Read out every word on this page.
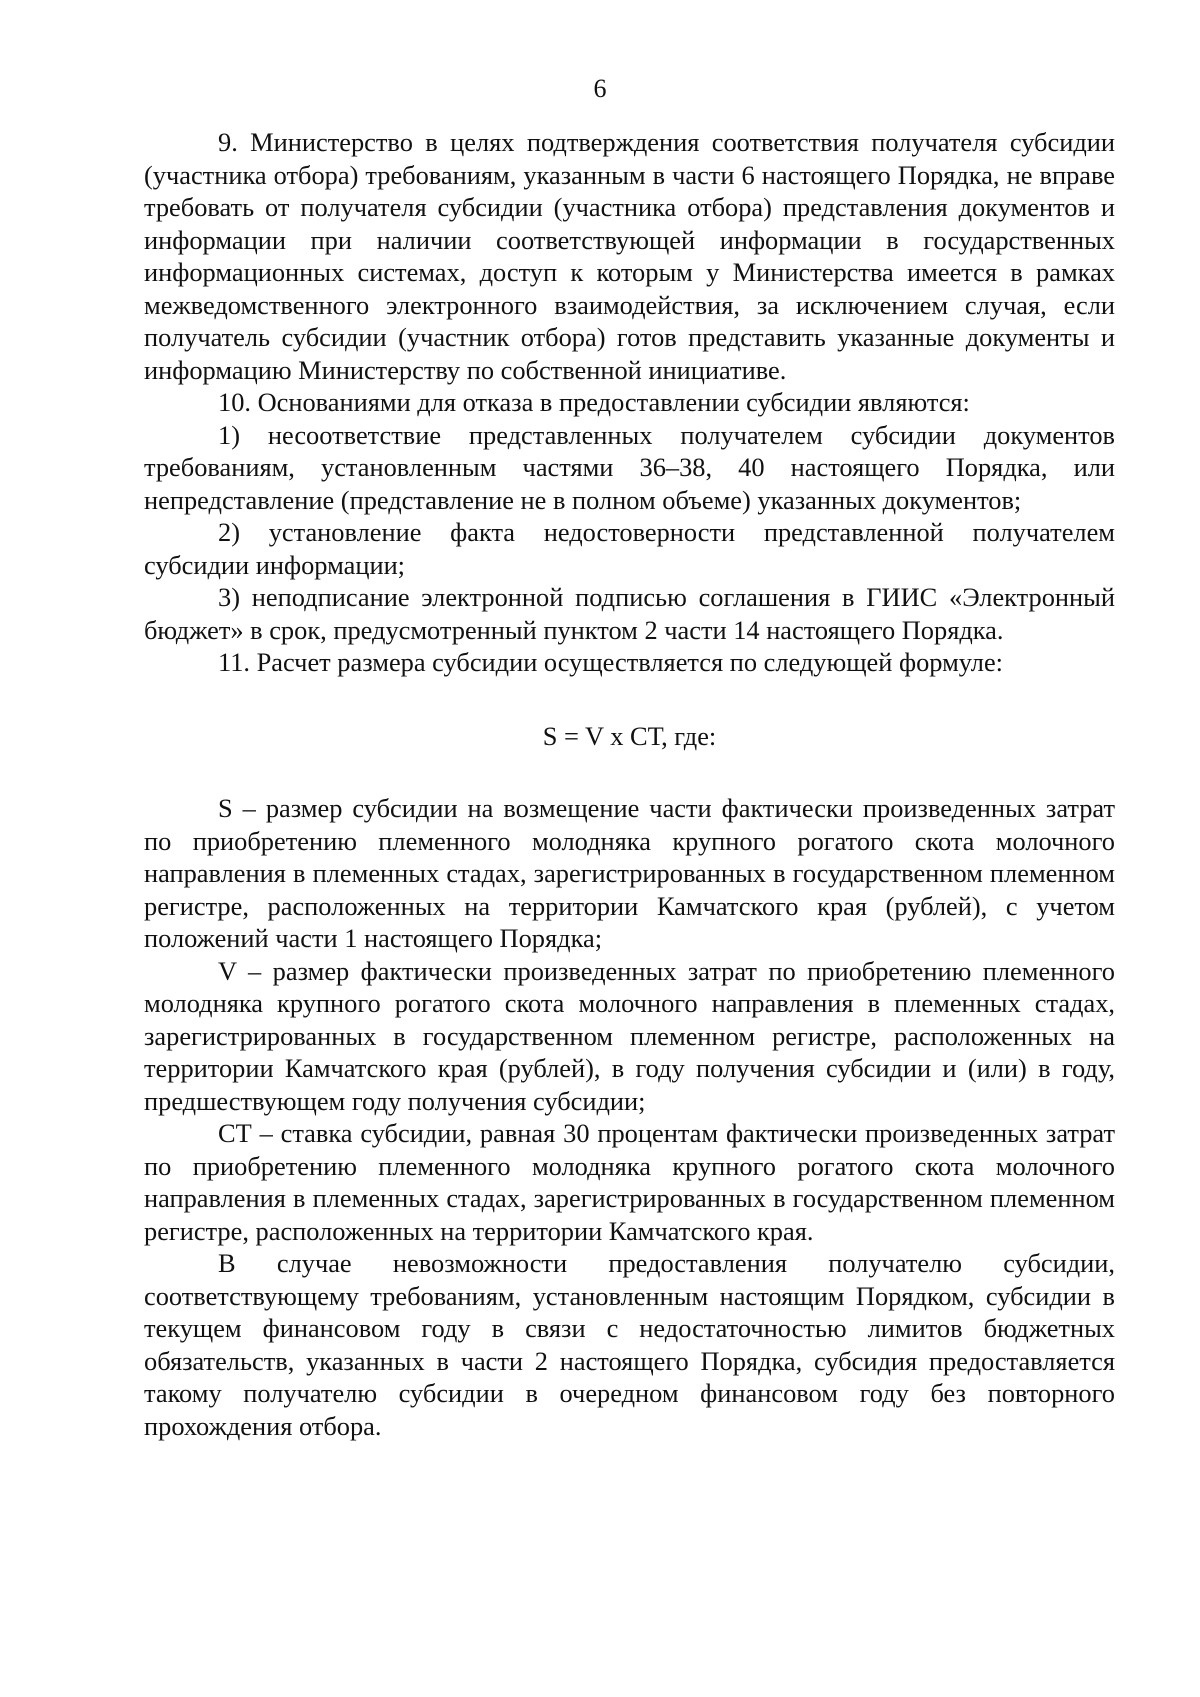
6

9. Министерство в целях подтверждения соответствия получателя субсидии (участника отбора) требованиям, указанным в части 6 настоящего Порядка, не вправе требовать от получателя субсидии (участника отбора) представления документов и информации при наличии соответствующей информации в государственных информационных системах, доступ к которым у Министерства имеется в рамках межведомственного электронного взаимодействия, за исключением случая, если получатель субсидии (участник отбора) готов представить указанные документы и информацию Министерству по собственной инициативе.

10. Основаниями для отказа в предоставлении субсидии являются:

1) несоответствие представленных получателем субсидии документов требованиям, установленным частями 36–38, 40 настоящего Порядка, или непредставление (представление не в полном объеме) указанных документов;

2) установление факта недостоверности представленной получателем субсидии информации;

3) неподписание электронной подписью соглашения в ГИИС «Электронный бюджет» в срок, предусмотренный пунктом 2 части 14 настоящего Порядка.

11. Расчет размера субсидии осуществляется по следующей формуле:

S = V х СТ, где:

S – размер субсидии на возмещение части фактически произведенных затрат по приобретению племенного молодняка крупного рогатого скота молочного направления в племенных стадах, зарегистрированных в государственном племенном регистре, расположенных на территории Камчатского края (рублей), с учетом положений части 1 настоящего Порядка;

V – размер фактически произведенных затрат по приобретению племенного молодняка крупного рогатого скота молочного направления в племенных стадах, зарегистрированных в государственном племенном регистре, расположенных на территории Камчатского края (рублей), в году получения субсидии и (или) в году, предшествующем году получения субсидии;

СТ – ставка субсидии, равная 30 процентам фактически произведенных затрат по приобретению племенного молодняка крупного рогатого скота молочного направления в племенных стадах, зарегистрированных в государственном племенном регистре, расположенных на территории Камчатского края.

В случае невозможности предоставления получателю субсидии, соответствующему требованиям, установленным настоящим Порядком, субсидии в текущем финансовом году в связи с недостаточностью лимитов бюджетных обязательств, указанных в части 2 настоящего Порядка, субсидия предоставляется такому получателю субсидии в очередном финансовом году без повторного прохождения отбора.
